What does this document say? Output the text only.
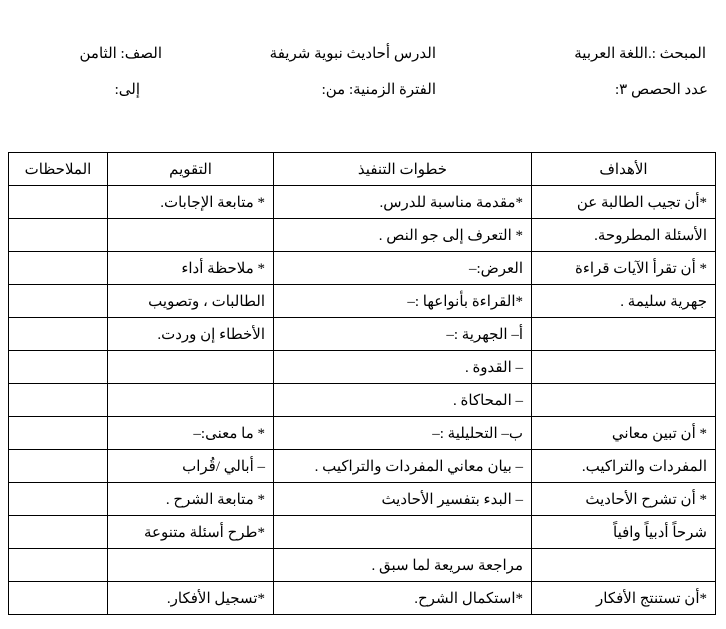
المبحث :.اللغة العربية
الدرس أحاديث نبوية شريفة
الصف: الثامن
عدد الحصص ٣:
الفترة الزمنية: من:
إلى:
الأهداف	خطوات التنفيذ	التقويم	الملاحظات
*أن تجيب الطالبة عن	*مقدمة مناسبة للدرس.	* متابعة الإجابات.	
الأسئلة المطروحة.	* التعرف إلى جو النص .		
* أن تقرأ الآيات قراءة	العرض:–	* ملاحظة أداء	
جهرية سليمة .	*القراءة بأنواعها :–	الطالبات ، وتصويب	
	أ– الجهرية :–	الأخطاء إن وردت.	
	– القدوة .		
	– المحاكاة .		
* أن تبين معاني	ب– التحليلية :–	* ما معنى:–	
المفردات والتراكيب.	– بيان معاني المفردات والتراكيب .	– أبالي /قُراب	
* أن تشرح الأحاديث	– البدء بتفسير الأحاديث	* متابعة الشرح .	
شرحاً أدبياً وافياً		*طرح أسئلة متنوعة	
	مراجعة سريعة لما سبق .		
*أن تستنتج الأفكار	*استكمال الشرح.	*تسجيل الأفكار.	
